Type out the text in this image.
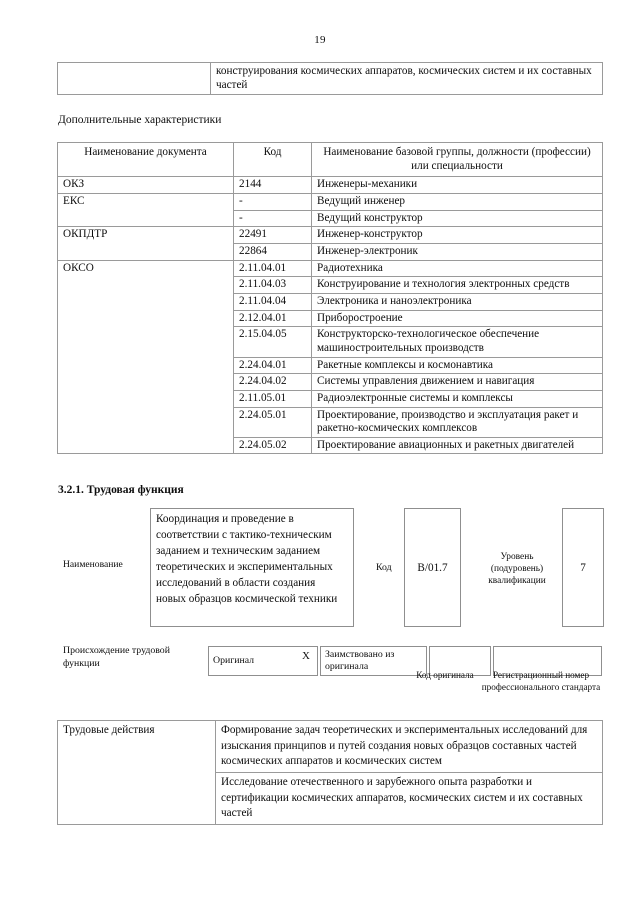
19
	конструирования космических аппаратов, космических систем и их составных частей
Дополнительные характеристики
Наименование документа	Код	Наименование базовой группы, должности (профессии) или специальности
ОКЗ	2144	Инженеры-механики
ЕКС	-	Ведущий инженер
	-	Ведущий конструктор
ОКПДТР	22491	Инженер-конструктор
	22864	Инженер-электроник
ОКСО	2.11.04.01	Радиотехника
	2.11.04.03	Конструирование и технология электронных средств
	2.11.04.04	Электроника и наноэлектроника
	2.12.04.01	Приборостроение
	2.15.04.05	Конструкторско-технологическое обеспечение машиностроительных производств
	2.24.04.01	Ракетные комплексы и космонавтика
	2.24.04.02	Системы управления движением и навигация
	2.11.05.01	Радиоэлектронные системы и комплексы
	2.24.05.01	Проектирование, производство и эксплуатация ракет и ракетно-космических комплексов
	2.24.05.02	Проектирование авиационных и ракетных двигателей
3.2.1. Трудовая функция
Наименование
Координация и проведение в соответствии с тактико-техническим заданием и техническим заданием теоретических и экспериментальных исследований в области создания новых образцов космической техники
Код	В/01.7
Уровень (подуровень) квалификации
7
Происхождение трудовой функции	Оригинал	X	Заимствовано из оригинала		
Код оригинала	Регистрационный номер профессионального стандарта
Трудовые действия	Формирование задач теоретических и экспериментальных исследований для изыскания принципов и путей создания новых образцов составных частей космических аппаратов и космических систем
Исследование отечественного и зарубежного опыта разработки и сертификации космических аппаратов, космических систем и их составных частей
